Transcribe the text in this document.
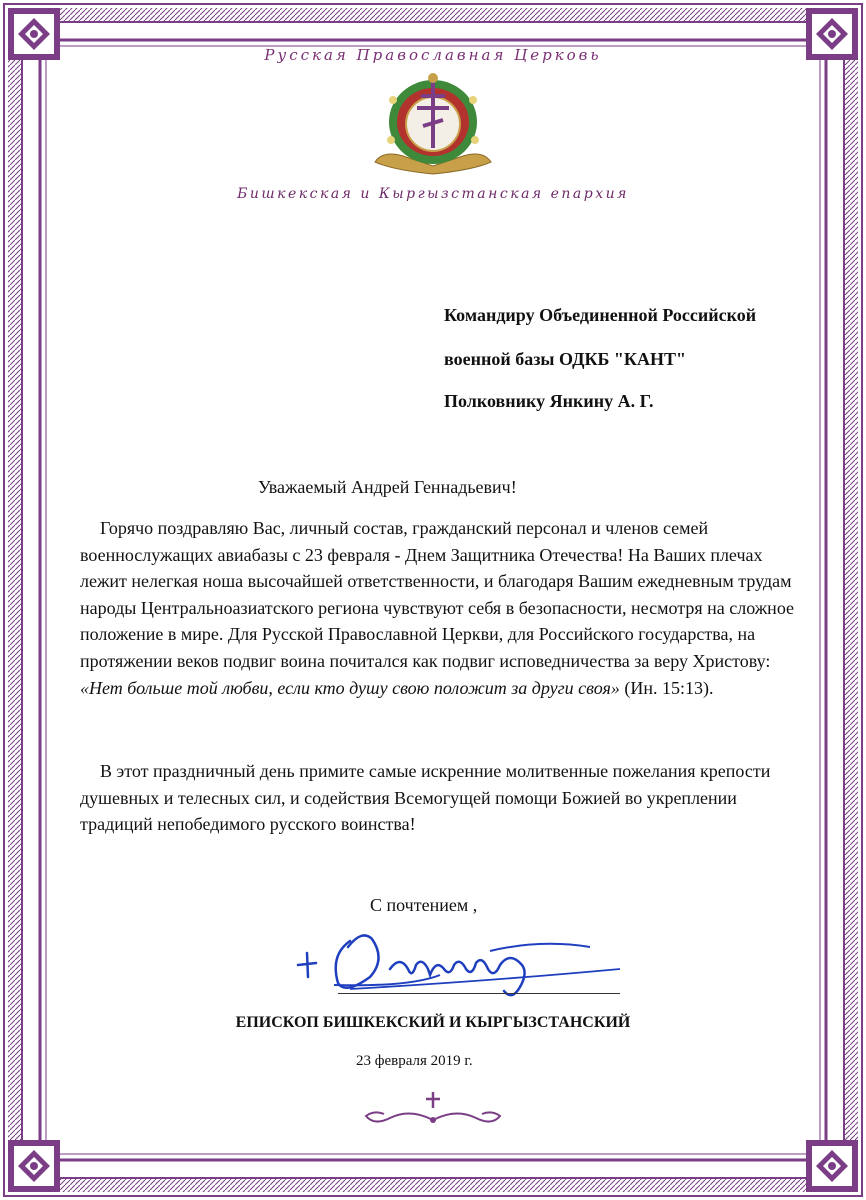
Русская Православная Церковь
Бишкекская и Кыргызстанская епархия
Командиру Объединенной Российской
военной базы ОДКБ "КАНТ"
Полковнику Янкину А. Г.
Уважаемый Андрей Геннадьевич!

Горячо поздравляю Вас, личный состав, гражданский персонал и членов семей военнослужащих авиабазы с 23 февраля - Днем Защитника Отечества! На Ваших плечах лежит нелегкая ноша высочайшей ответственности, и благодаря Вашим ежедневным трудам народы Центральноазиатского региона чувствуют себя в безопасности, несмотря на сложное положение в мире. Для Русской Православной Церкви, для Российского государства, на протяжении веков подвиг воина почитался как подвиг исповедничества за веру Христову: «Нет больше той любви, если кто душу свою положит за други своя» (Ин. 15:13).

В этот праздничный день примите самые искренние молитвенные пожелания крепости душевных и телесных сил, и содействия Всемогущей помощи Божией во укреплении традиций непобедимого русского воинства!

С почтением ,
ЕПИСКОП БИШКЕКСКИЙ И КЫРГЫЗСТАНСКИЙ
23 февраля 2019 г.
